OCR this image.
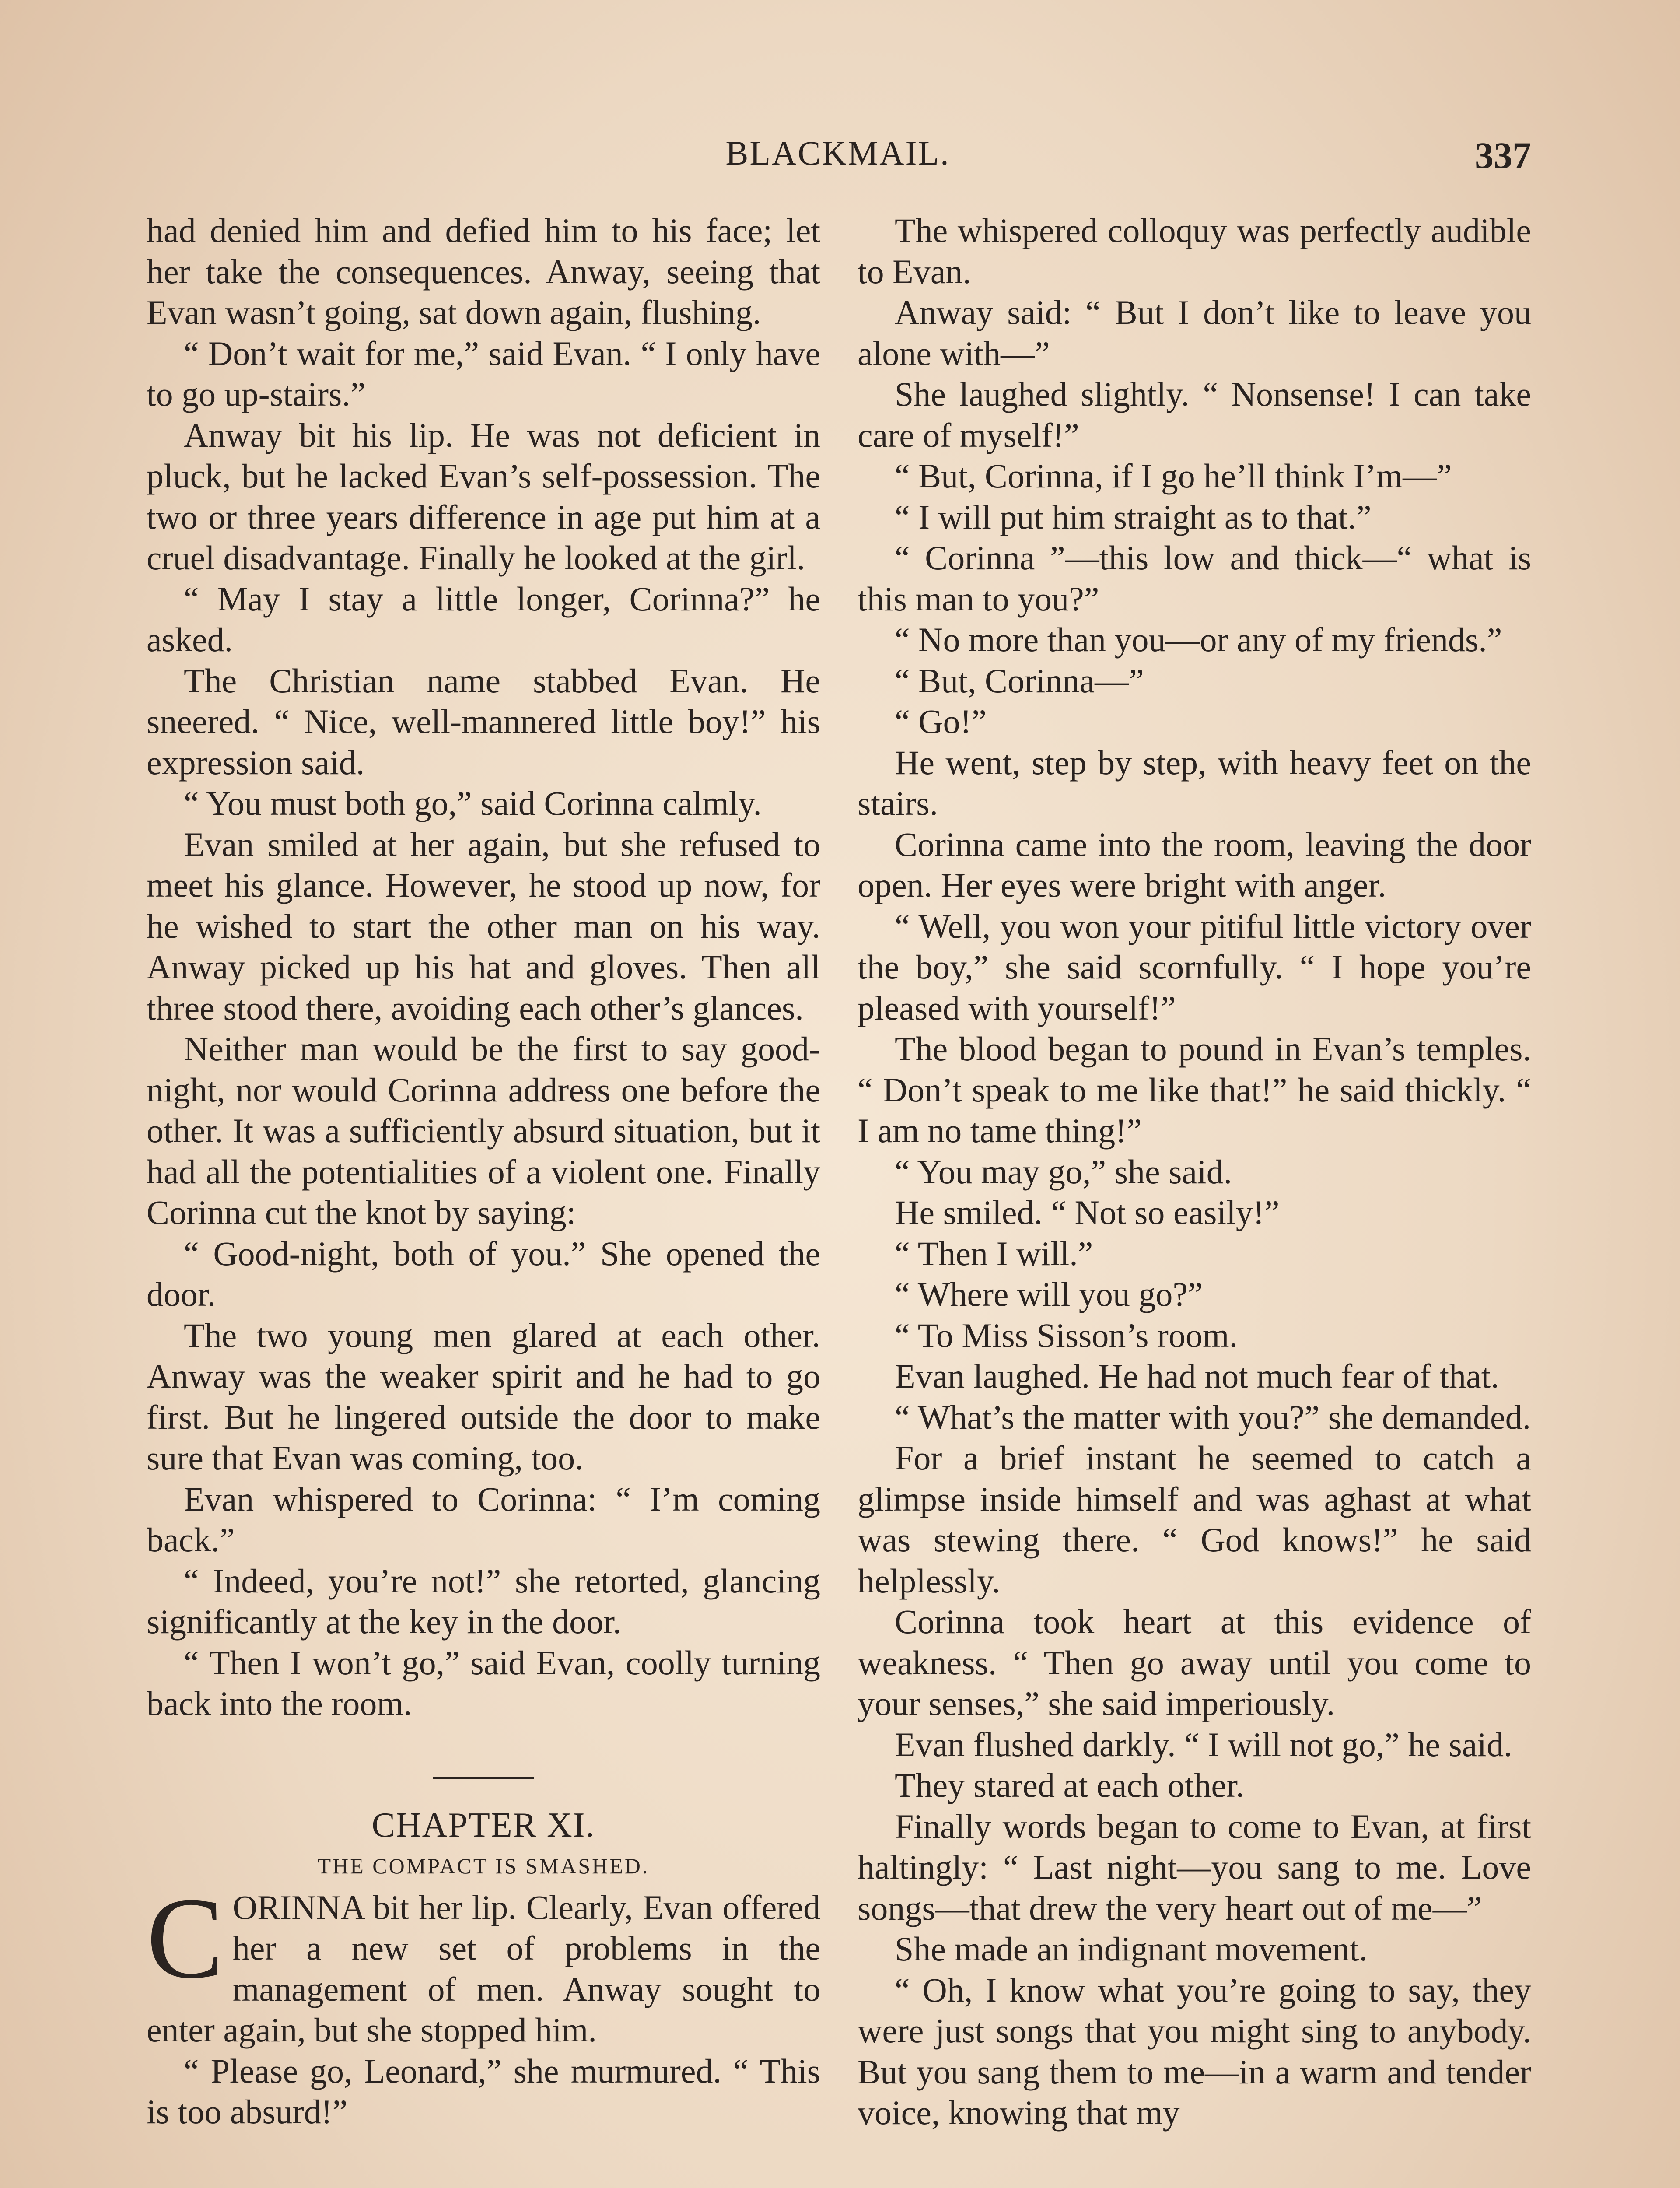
BLACKMAIL.	337

had denied him and defied him to his face; let her take the consequences. Anway, seeing that Evan wasn’t going, sat down again, flushing.

“ Don’t wait for me,” said Evan. “ I only have to go up-stairs.”

Anway bit his lip. He was not deficient in pluck, but he lacked Evan’s self-possession. The two or three years difference in age put him at a cruel disadvantage. Finally he looked at the girl.

“ May I stay a little longer, Corinna?” he asked.

The Christian name stabbed Evan. He sneered. “ Nice, well-mannered little boy!” his expression said.

“ You must both go,” said Corinna calmly.

Evan smiled at her again, but she refused to meet his glance. However, he stood up now, for he wished to start the other man on his way. Anway picked up his hat and gloves. Then all three stood there, avoiding each other’s glances.

Neither man would be the first to say good-night, nor would Corinna address one before the other. It was a sufficiently absurd situation, but it had all the potentialities of a violent one. Finally Corinna cut the knot by saying:

“ Good-night, both of you.” She opened the door.

The two young men glared at each other. Anway was the weaker spirit and he had to go first. But he lingered outside the door to make sure that Evan was coming, too.

Evan whispered to Corinna: “ I’m coming back.”

“ Indeed, you’re not!” she retorted, glancing significantly at the key in the door.

“ Then I won’t go,” said Evan, coolly turning back into the room.

CHAPTER XI.

THE COMPACT IS SMASHED.

CORINNA bit her lip. Clearly, Evan offered her a new set of problems in the management of men. Anway sought to enter again, but she stopped him.

“ Please go, Leonard,” she murmured. “ This is too absurd!”

The whispered colloquy was perfectly audible to Evan.

Anway said: “ But I don’t like to leave you alone with—”

She laughed slightly. “ Nonsense! I can take care of myself!”

“ But, Corinna, if I go he’ll think I’m—”

“ I will put him straight as to that.”

“ Corinna ”—this low and thick—“ what is this man to you?”

“ No more than you—or any of my friends.”

“ But, Corinna—”

“ Go!”

He went, step by step, with heavy feet on the stairs.

Corinna came into the room, leaving the door open. Her eyes were bright with anger.

“ Well, you won your pitiful little victory over the boy,” she said scornfully. “ I hope you’re pleased with yourself!”

The blood began to pound in Evan’s temples. “ Don’t speak to me like that!” he said thickly. “ I am no tame thing!”

“ You may go,” she said.

He smiled. “ Not so easily!”

“ Then I will.”

“ Where will you go?”

“ To Miss Sisson’s room.

Evan laughed. He had not much fear of that.

“ What’s the matter with you?” she demanded.

For a brief instant he seemed to catch a glimpse inside himself and was aghast at what was stewing there. “ God knows!” he said helplessly.

Corinna took heart at this evidence of weakness. “ Then go away until you come to your senses,” she said imperiously.

Evan flushed darkly. “ I will not go,” he said.

They stared at each other.

Finally words began to come to Evan, at first haltingly: “ Last night—you sang to me. Love songs—that drew the very heart out of me—”

She made an indignant movement.

“ Oh, I know what you’re going to say, they were just songs that you might sing to anybody. But you sang them to me—in a warm and tender voice, knowing that my
